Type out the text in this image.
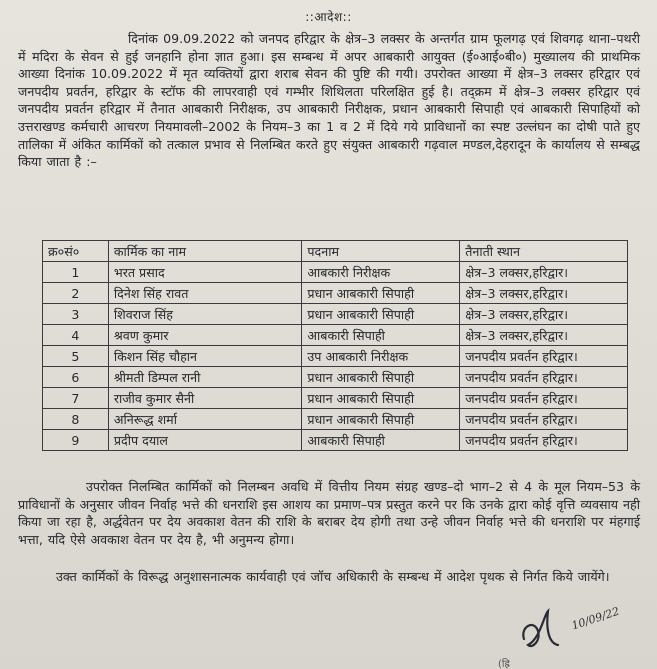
::आदेश::
दिनांक 09.09.2022 को जनपद हरिद्वार के क्षेत्र–3 लक्सर के अन्तर्गत ग्राम फूलगढ़ एवं शिवगढ़ थाना–पथरी में मदिरा के सेवन से हुई जनहानि होना ज्ञात हुआ। इस सम्बन्ध में अपर आबकारी आयुक्त (ई०आई०बी०) मुख्यालय की प्राथमिक आख्या दिनांक 10.09.2022 में मृत व्यक्तियों द्वारा शराब सेवन की पुष्टि की गयी। उपरोक्त आख्या में क्षेत्र–3 लक्सर हरिद्वार एवं जनपदीय प्रवर्तन, हरिद्वार के स्टॉफ की लापरवाही एवं गम्भीर शिथिलता परिलक्षित हुई है। तद्क्रम में क्षेत्र–3 लक्सर हरिद्वार एवं जनपदीय प्रवर्तन हरिद्वार में तैनात आबकारी निरीक्षक, उप आबकारी निरीक्षक, प्रधान आबकारी सिपाही एवं आबकारी सिपाहियों को उत्तराखण्ड कर्मचारी आचरण नियमावली–2002 के नियम–3 का 1 व 2 में दिये गये प्राविधानों का स्पष्ट उल्लंघन का दोषी पाते हुए तालिका में अंकित कार्मिकों को तत्काल प्रभाव से निलम्बित करते हुए संयुक्त आबकारी गढ़वाल मण्डल,देहरादून के कार्यालय से सम्बद्ध किया जाता है :–
क्र०सं०	कार्मिक का नाम	पदनाम	तैनाती स्थान
1	भरत प्रसाद	आबकारी निरीक्षक	क्षेत्र–3 लक्सर,हरिद्वार।
2	दिनेश सिंह रावत	प्रधान आबकारी सिपाही	क्षेत्र–3 लक्सर,हरिद्वार।
3	शिवराज सिंह	प्रधान आबकारी सिपाही	क्षेत्र–3 लक्सर,हरिद्वार।
4	श्रवण कुमार	आबकारी सिपाही	क्षेत्र–3 लक्सर,हरिद्वार।
5	किशन सिंह चौहान	उप आबकारी निरीक्षक	जनपदीय प्रवर्तन हरिद्वार।
6	श्रीमती डिम्पल रानी	प्रधान आबकारी सिपाही	जनपदीय प्रवर्तन हरिद्वार।
7	राजीव कुमार सैनी	प्रधान आबकारी सिपाही	जनपदीय प्रवर्तन हरिद्वार।
8	अनिरूद्ध शर्मा	प्रधान आबकारी सिपाही	जनपदीय प्रवर्तन हरिद्वार।
9	प्रदीप दयाल	आबकारी सिपाही	जनपदीय प्रवर्तन हरिद्वार।
उपरोक्त निलम्बित कार्मिकों को निलम्बन अवधि में वित्तीय नियम संग्रह खण्ड–दो भाग–2 से 4 के मूल नियम–53 के प्राविधानों के अनुसार जीवन निर्वाह भत्ते की धनराशि इस आशय का प्रमाण–पत्र प्रस्तुत करने पर कि उनके द्वारा कोई वृत्ति व्यवसाय नही किया जा रहा है, अर्द्धवेतन पर देय अवकाश वेतन की राशि के बराबर देय होगी तथा उन्हे जीवन निर्वाह भत्ते की धनराशि पर मंहगाई भत्ता, यदि ऐसे अवकाश वेतन पर देय है, भी अनुमन्य होगा।
उक्त कार्मिकों के विरूद्ध अनुशासनात्मक कार्यवाही एवं जॉच अधिकारी के सम्बन्ध में आदेश पृथक से निर्गत किये जायेंगे।
10/09/22
(ह्रि
